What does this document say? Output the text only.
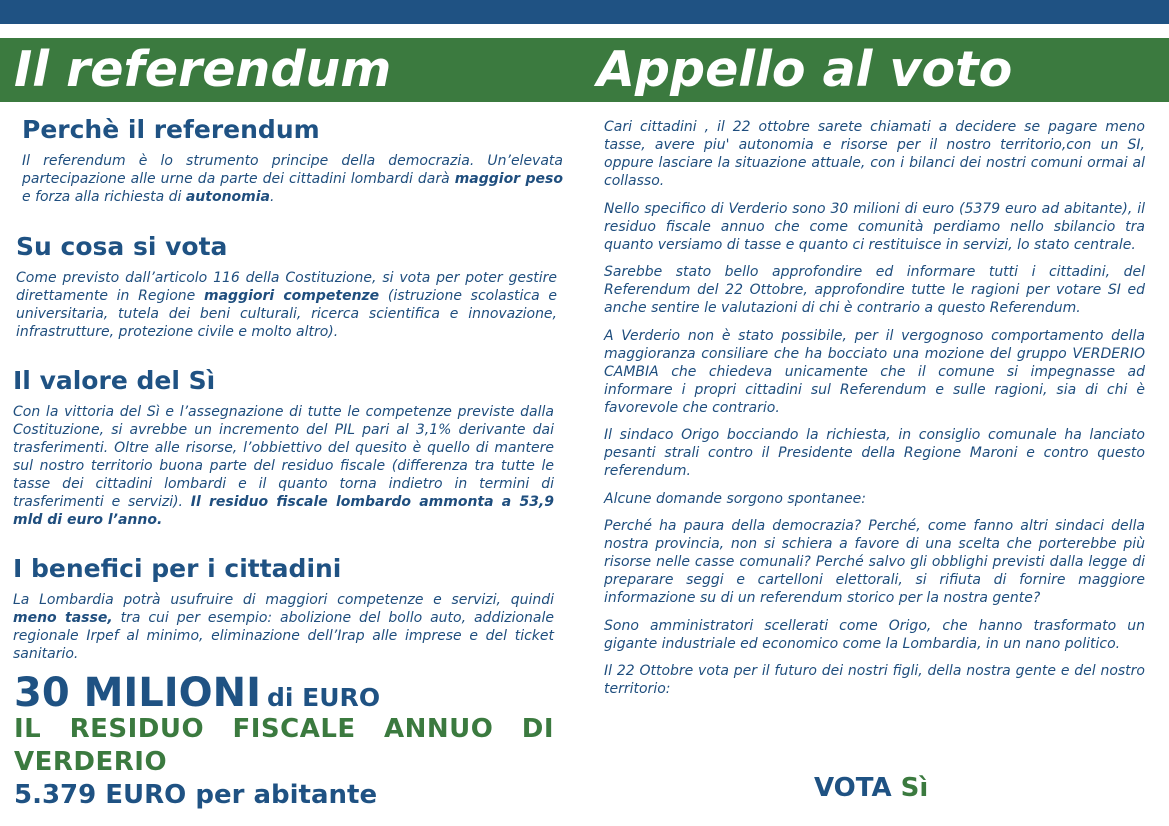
Il referendum	Appello al voto
Perchè il referendum

Il referendum è lo strumento principe della democrazia. Un’elevata partecipazione alle urne da parte dei cittadini lombardi darà maggior peso e forza alla richiesta di autonomia.

Su cosa si vota

Come previsto dall’articolo 116 della Costituzione, si vota per poter gestire direttamente in Regione maggiori competenze (istruzione scolastica e universitaria, tutela dei beni culturali, ricerca scientifica e innovazione, infrastrutture, protezione civile e molto altro).

Il valore del Sì

Con la vittoria del Sì e l’assegnazione di tutte le competenze previste dalla Costituzione, si avrebbe un incremento del PIL pari al 3,1% derivante dai trasferimenti. Oltre alle risorse, l’obbiettivo del quesito è quello di mantere sul nostro territorio buona parte del residuo fiscale (differenza tra tutte le tasse dei cittadini lombardi e il quanto torna indietro in termini di trasferimenti e servizi). Il residuo fiscale lombardo ammonta a 53,9 mld di euro l’anno.

I benefici per i cittadini

La Lombardia potrà usufruire di maggiori competenze e servizi, quindi meno tasse, tra cui per esempio: abolizione del bollo auto, addizionale regionale Irpef al minimo, eliminazione dell’Irap alle imprese e del ticket sanitario.

30 MILIONI di EURO

IL RESIDUO FISCALE ANNUO DI VERDERIO

5.379 EURO per abitante

Cari cittadini , il 22 ottobre sarete chiamati a decidere se pagare meno tasse, avere piu' autonomia e risorse per il nostro territorio,con un SI, oppure lasciare la situazione attuale, con i bilanci dei nostri comuni ormai al collasso.

Nello specifico di Verderio sono 30 milioni di euro (5379 euro ad abitante), il residuo fiscale annuo che come comunità perdiamo nello sbilancio tra quanto versiamo di tasse e quanto ci restituisce in servizi, lo stato centrale.

Sarebbe stato bello approfondire ed informare tutti i cittadini, del Referendum del 22 Ottobre, approfondire tutte le ragioni per votare SI ed anche sentire le valutazioni di chi è contrario a questo Referendum.

A Verderio non è stato possibile, per il vergognoso comportamento della maggioranza consiliare che ha bocciato una mozione del gruppo VERDERIO CAMBIA che chiedeva unicamente che il comune si impegnasse ad informare i propri cittadini sul Referendum e sulle ragioni, sia di chi è favorevole che contrario.

Il sindaco Origo bocciando la richiesta, in consiglio comunale ha lanciato pesanti strali contro il Presidente della Regione Maroni e contro questo referendum.

Alcune domande sorgono spontanee:

Perché ha paura della democrazia? Perché, come fanno altri sindaci della nostra provincia, non si schiera a favore di una scelta che porterebbe più risorse nelle casse comunali? Perché salvo gli obblighi previsti dalla legge di preparare seggi e cartelloni elettorali, si rifiuta di fornire maggiore informazione su di un referendum storico per la nostra gente?

Sono amministratori scellerati come Origo, che hanno trasformato un gigante industriale ed economico come la Lombardia, in un nano politico.

Il 22 Ottobre vota per il futuro dei nostri figli, della nostra gente e del nostro territorio:

VOTA Sì
